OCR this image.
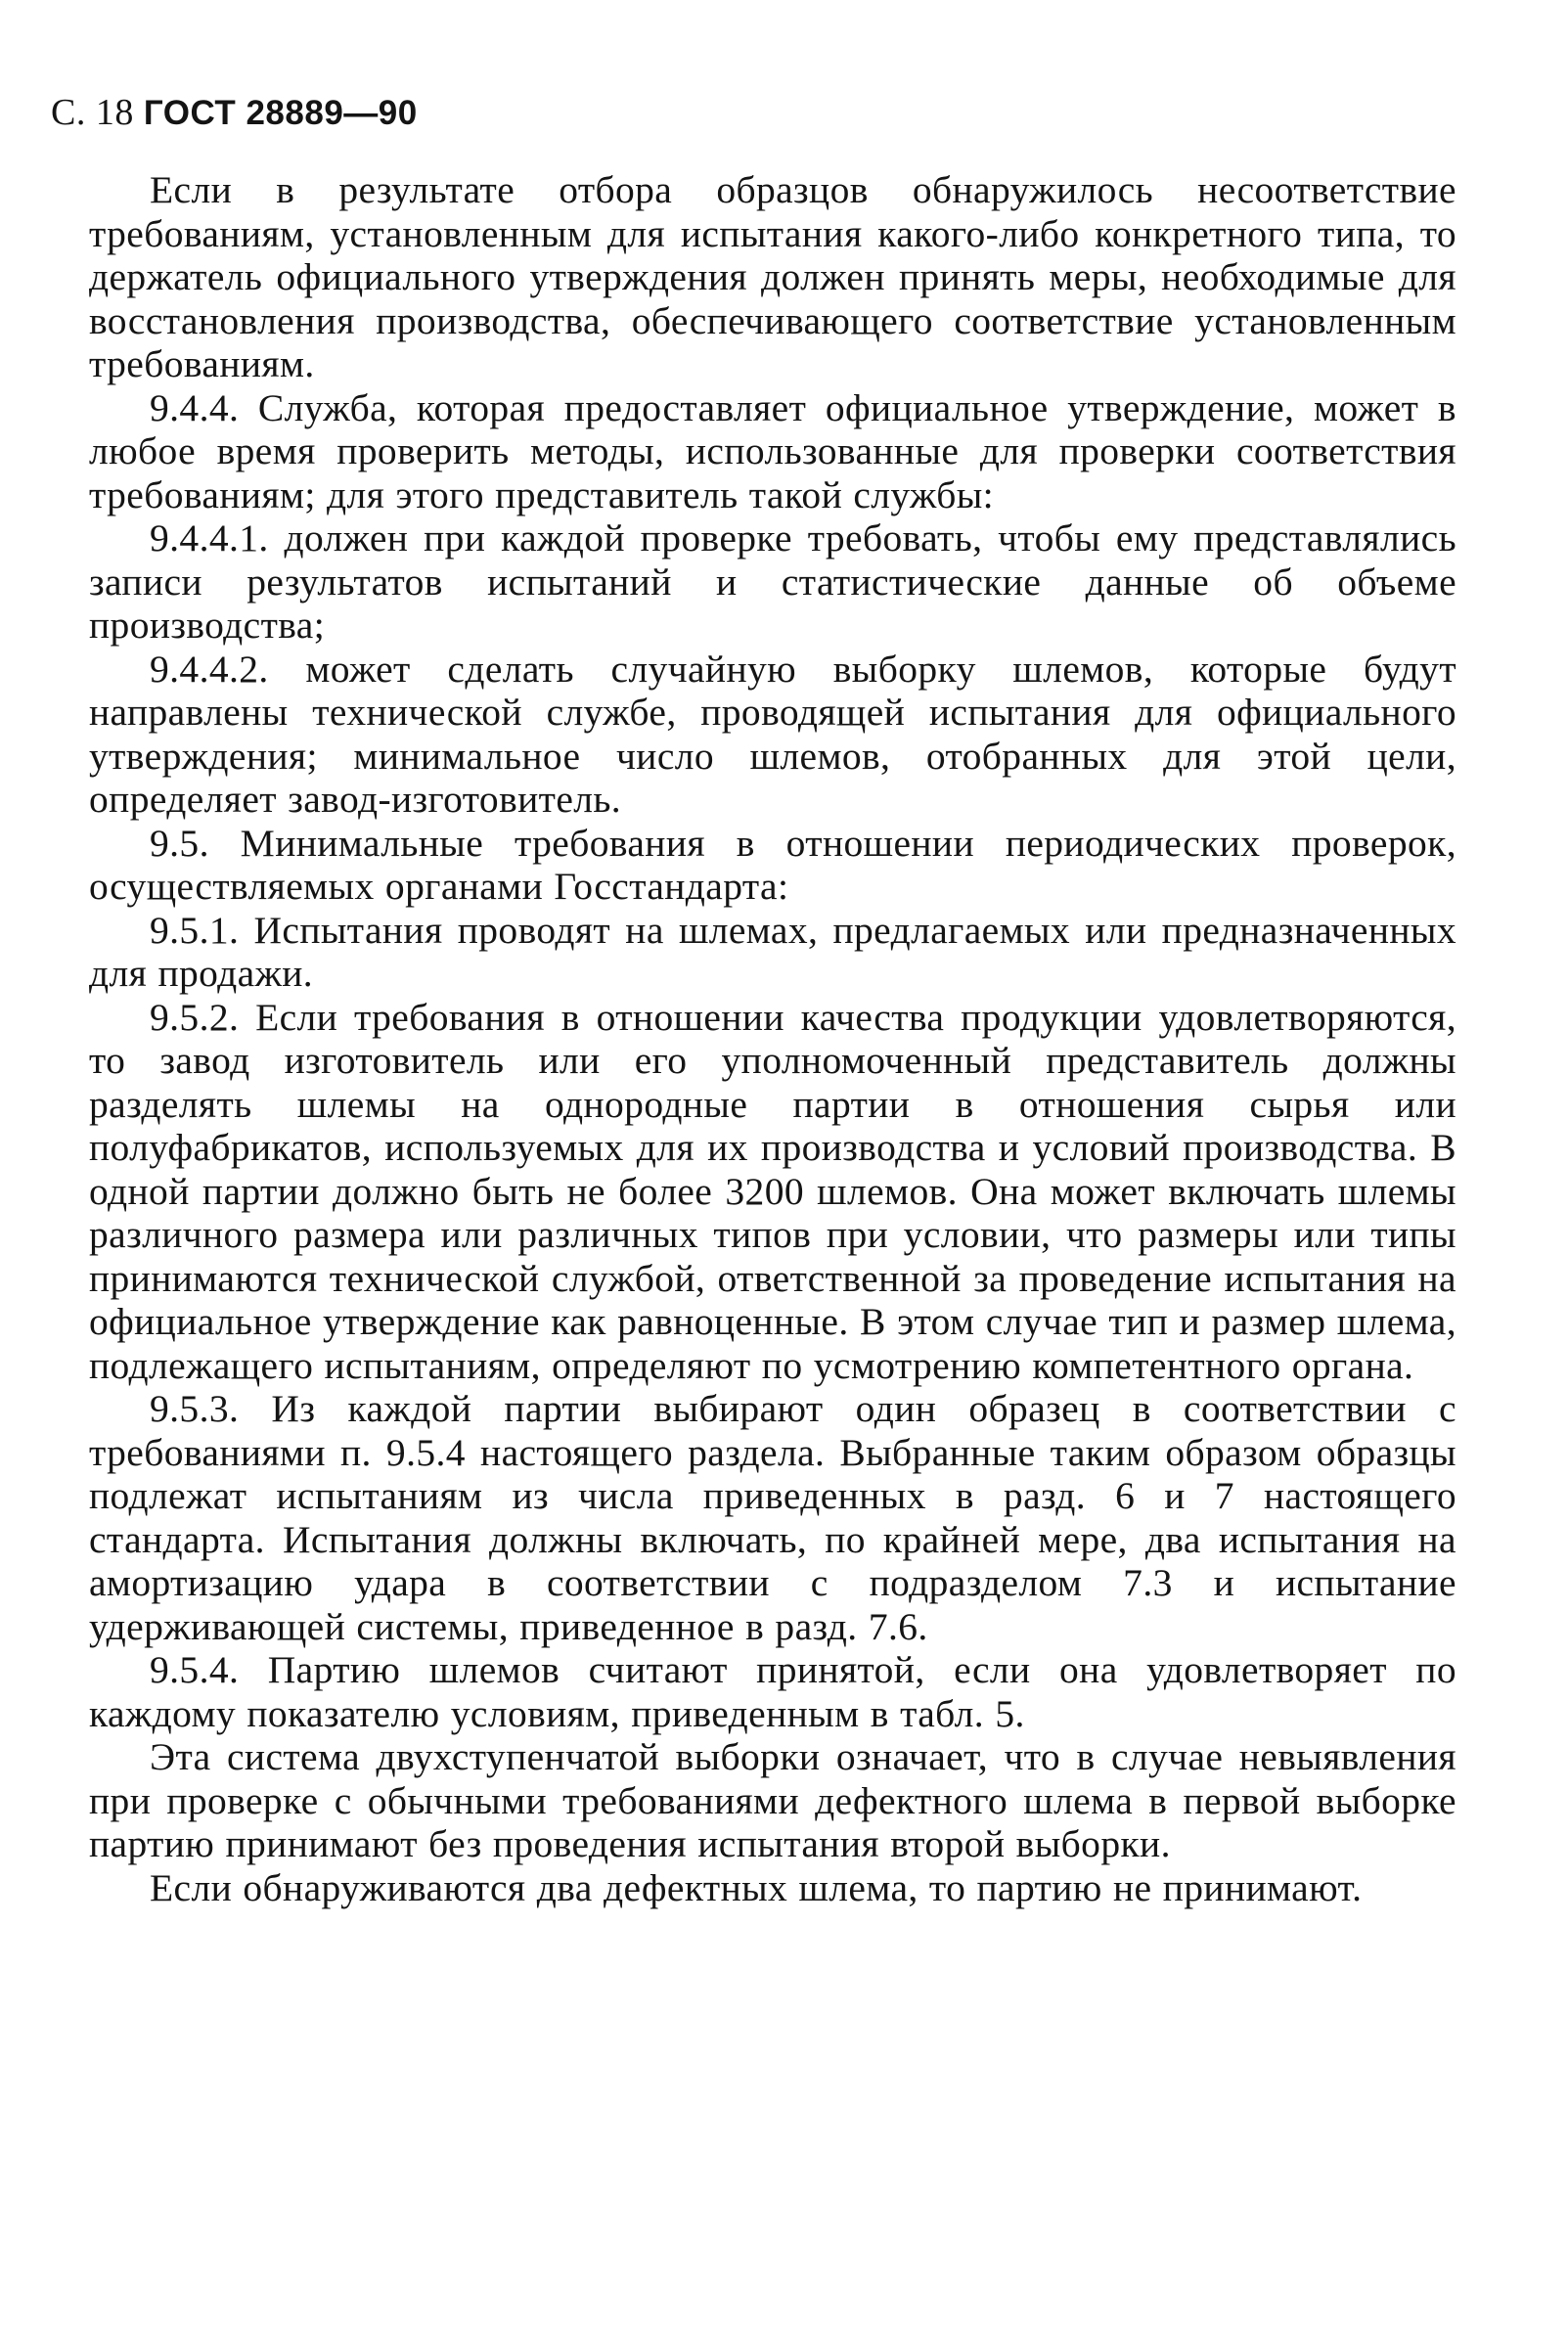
С. 18 ГОСТ 28889—90

Если в результате отбора образцов обнаружилось несоответствие требованиям, установленным для испытания какого-либо конкретного типа, то держатель официального утверждения должен принять меры, необходимые для восстановления производства, обеспечивающего соответствие установленным требованиям.

9.4.4. Служба, которая предоставляет официальное утверждение, может в любое время проверить методы, использованные для проверки соответствия требованиям; для этого представитель такой службы:

9.4.4.1. должен при каждой проверке требовать, чтобы ему представлялись записи результатов испытаний и статистические данные об объеме производства;

9.4.4.2. может сделать случайную выборку шлемов, которые будут направлены технической службе, проводящей испытания для официального утверждения; минимальное число шлемов, отобранных для этой цели, определяет завод-изготовитель.

9.5. Минимальные требования в отношении периодических проверок, осуществляемых органами Госстандарта:

9.5.1. Испытания проводят на шлемах, предлагаемых или предназначенных для продажи.

9.5.2. Если требования в отношении качества продукции удовлетворяются, то завод изготовитель или его уполномоченный представитель должны разделять шлемы на однородные партии в отношения сырья или полуфабрикатов, используемых для их производства и условий производства. В одной партии должно быть не более 3200 шлемов. Она может включать шлемы различного размера или различных типов при условии, что размеры или типы принимаются технической службой, ответственной за проведение испытания на официальное утверждение как равноценные. В этом случае тип и размер шлема, подлежащего испытаниям, определяют по усмотрению компетентного органа.

9.5.3. Из каждой партии выбирают один образец в соответствии с требованиями п. 9.5.4 настоящего раздела. Выбранные таким образом образцы подлежат испытаниям из числа приведенных в разд. 6 и 7 настоящего стандарта. Испытания должны включать, по крайней мере, два испытания на амортизацию удара в соответствии с подразделом 7.3 и испытание удерживающей системы, приведенное в разд. 7.6.

9.5.4. Партию шлемов считают принятой, если она удовлетворяет по каждому показателю условиям, приведенным в табл. 5.

Эта система двухступенчатой выборки означает, что в случае невыявления при проверке с обычными требованиями дефектного шлема в первой выборке партию принимают без проведения испытания второй выборки.

Если обнаруживаются два дефектных шлема, то партию не принимают.
